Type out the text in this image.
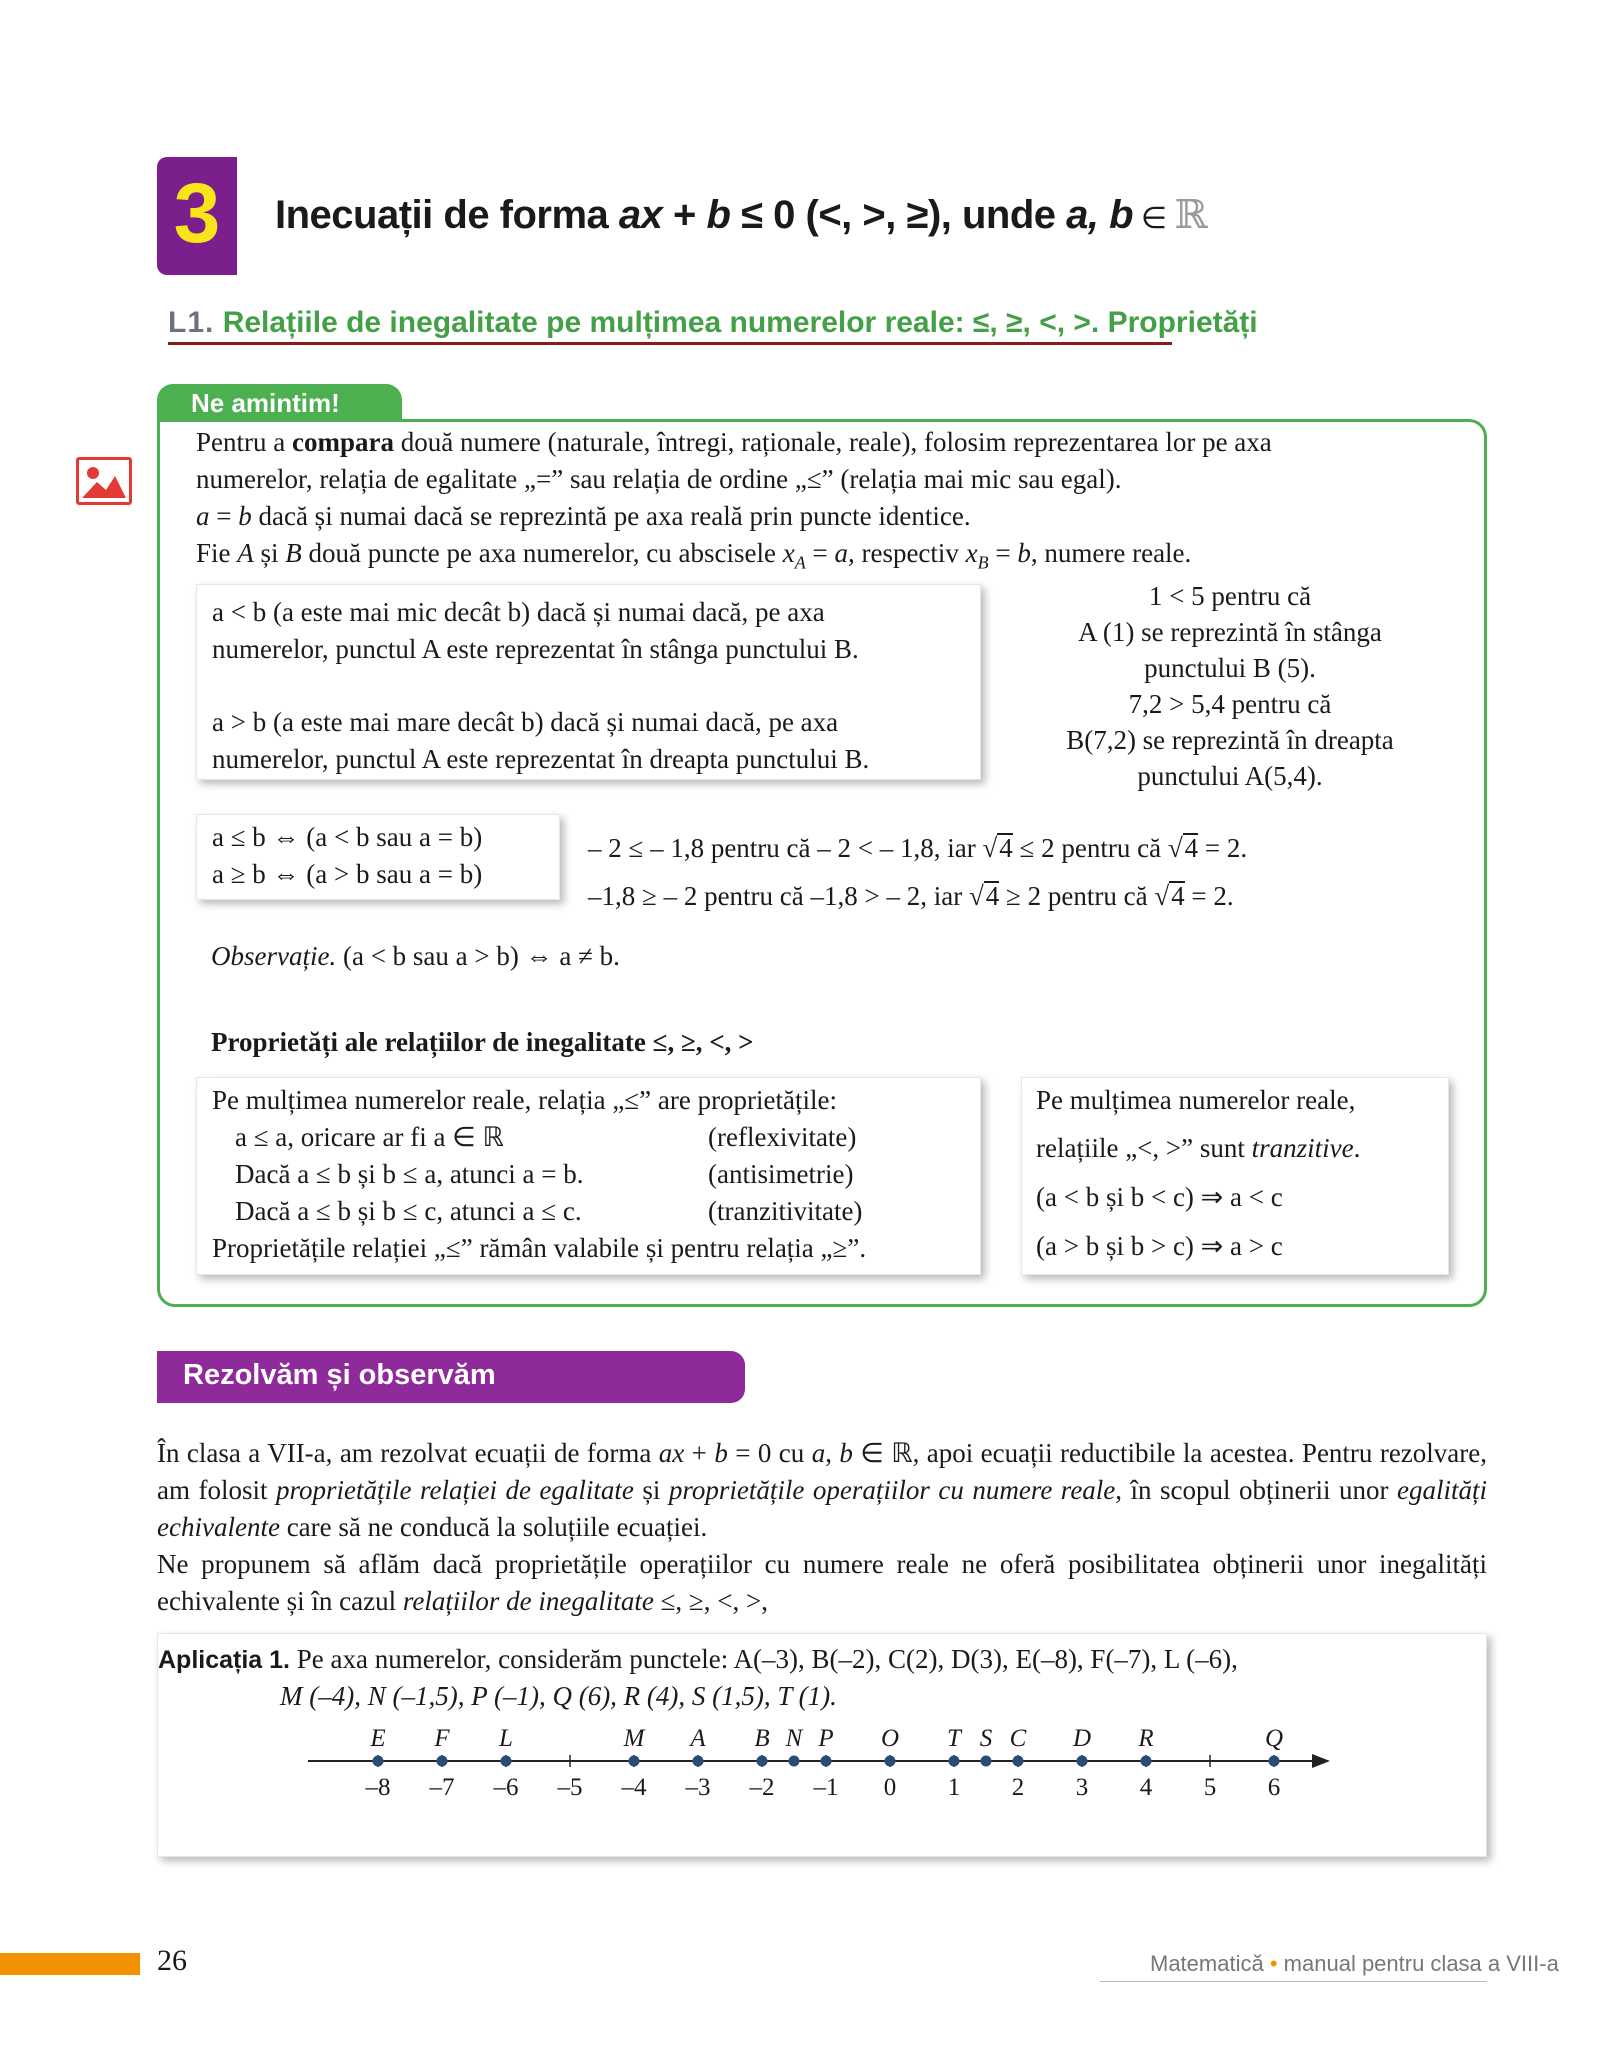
3	Inecuații de forma ax + b ≤ 0 (<, >, ≥), unde a, b ∈ ℝ
L1. Relațiile de inegalitate pe mulțimea numerelor reale: ≤, ≥, <, >. Proprietăți
Ne amintim!
Pentru a compara două numere (naturale, întregi, raționale, reale), folosim reprezentarea lor pe axa
numerelor, relația de egalitate „=” sau relația de ordine „≤” (relația mai mic sau egal).
a = b dacă și numai dacă se reprezintă pe axa reală prin puncte identice.
Fie A și B două puncte pe axa numerelor, cu abscisele $x_A = a$, respectiv $x_B = b$, numere reale.
a < b (a este mai mic decât b) dacă și numai dacă, pe axa
numerelor, punctul A este reprezentat în stânga punctului B.
a > b (a este mai mare decât b) dacă și numai dacă, pe axa
numerelor, punctul A este reprezentat în dreapta punctului B.
1 < 5 pentru că
A (1) se reprezintă în stânga
punctului B (5).
7,2 > 5,4 pentru că
B(7,2) se reprezintă în dreapta
punctului A(5,4).
a ≤ b ⇔ (a < b sau a = b)
a ≥ b ⇔ (a > b sau a = b)
– 2 ≤ – 1,8 pentru că – 2 < – 1,8, iar √4 ≤ 2 pentru că √4 = 2.
–1,8 ≥ – 2 pentru că –1,8 > – 2, iar √4 ≥ 2 pentru că √4 = 2.
Observație. (a < b sau a > b) ⇔ a ≠ b.
Proprietăți ale relațiilor de inegalitate ≤, ≥, <, >
Pe mulțimea numerelor reale, relația „≤” are proprietățile:
a ≤ a, oricare ar fi a ∈ ℝ	(reflexivitate)
Dacă a ≤ b și b ≤ a, atunci a = b.	(antisimetrie)
Dacă a ≤ b și b ≤ c, atunci a ≤ c.	(tranzitivitate)
Proprietățile relației „≤” rămân valabile și pentru relația „≥”.
Pe mulțimea numerelor reale,
relațiile „<, >” sunt tranzitive.
(a < b și b < c) ⇒ a < c
(a > b și b > c) ⇒ a > c
Rezolvăm și observăm
În clasa a VII-a, am rezolvat ecuații de forma ax + b = 0 cu a, b ∈ ℝ, apoi ecuații reductibile la acestea. Pentru rezolvare, am folosit proprietățile relației de egalitate și proprietățile operațiilor cu numere reale, în scopul obținerii unor egalități echivalente care să ne conducă la soluțiile ecuației.
Ne propunem să aflăm dacă proprietățile operațiilor cu numere reale ne oferă posibilitatea obținerii unor inegalități echivalente și în cazul relațiilor de inegalitate ≤, ≥, <, >,
Aplicația 1. Pe axa numerelor, considerăm punctele: A(–3), B(–2), C(2), D(3), E(–8), F(–7), L (–6),
M (–4), N (–1,5), P (–1), Q (6), R (4), S (1,5), T (1).
–8 –7 –6 –5 –4 –3 –2 –1 0 1 2 3 4 5 6
E F L	M A B N P O T S C D R	Q
26	Matematică • manual pentru clasa a VIII-a
